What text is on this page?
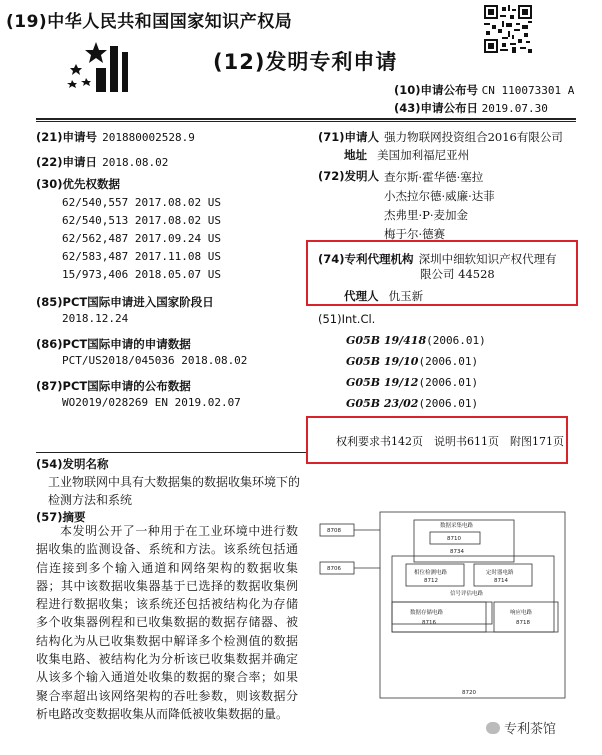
(19)中华人民共和国国家知识产权局
(12)发明专利申请
(10)申请公布号 CN 110073301 A
(43)申请公布日 2019.07.30
(21)申请号 201880002528.9
(22)申请日 2018.08.02
(30)优先权数据
62/540,557 2017.08.02 US
62/540,513 2017.08.02 US
62/562,487 2017.09.24 US
62/583,487 2017.11.08 US
15/973,406 2018.05.07 US
(85)PCT国际申请进入国家阶段日
2018.12.24
(86)PCT国际申请的申请数据
PCT/US2018/045036 2018.08.02
(87)PCT国际申请的公布数据
WO2019/028269 EN 2019.02.07
(71)申请人 强力物联网投资组合2016有限公司
地址 美国加利福尼亚州
(72)发明人 查尔斯·霍华德·塞拉
小杰拉尔德·威廉·达菲
杰弗里·P·麦加金
梅于尔·德赛
(74)专利代理机构 深圳中细软知识产权代理有
限公司 44528
代理人 仇玉新
(51)Int.Cl.
G05B 19/418(2006.01)
G05B 19/10(2006.01)
G05B 19/12(2006.01)
G05B 23/02(2006.01)
权利要求书142页　说明书611页　附图171页
(54)发明名称
工业物联网中具有大数据集的数据收集环境下的检测方法和系统
(57)摘要
本发明公开了一种用于在工业环境中进行数据收集的监测设备、系统和方法。该系统包括通信连接到多个输入通道和网络架构的数据收集器；其中该数据收集器基于已选择的数据收集例程进行数据收集；该系统还包括被结构化为存储多个收集器例程和已收集数据的数据存储器、被结构化为从已收集数据中解译多个检测值的数据收集电路、被结构化为分析该已收集数据并确定从该多个输入通道处收集的数据的聚合率；如果聚合率超出该网络架构的吞吐参数，则该数据分析电路改变数据收集从而降低被收集数据的量。
8708
8706
数据采集电路
8710
8734
相位检测电路
8712
定时器电路
8714
信号评估电路
数据存储电路
8716
响应电路
8718
8720
专利茶馆
